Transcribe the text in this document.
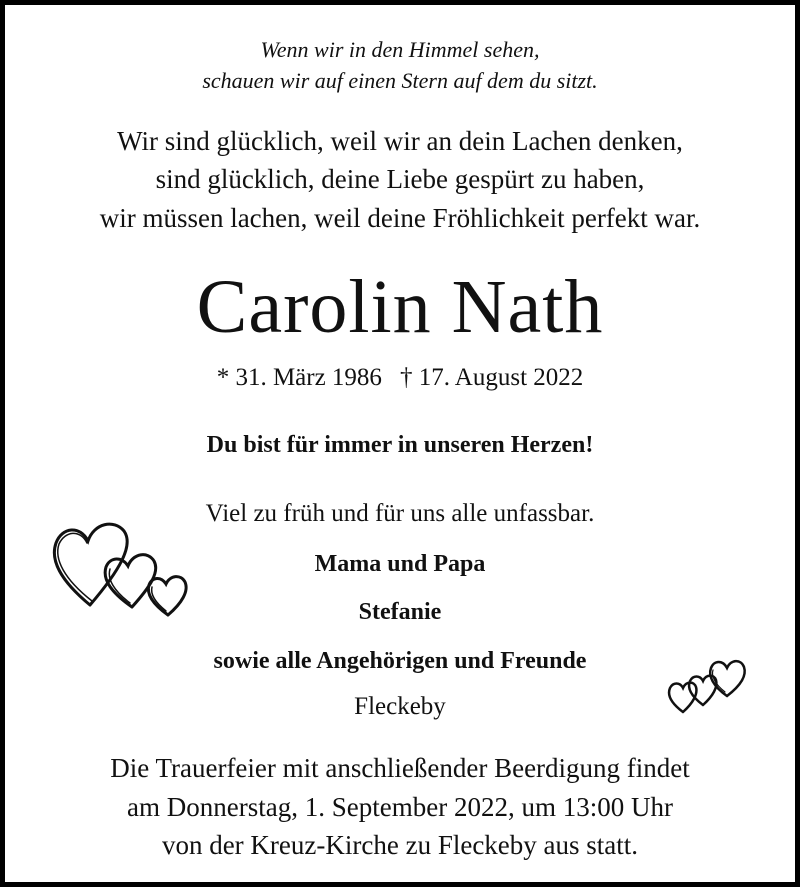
Wenn wir in den Himmel sehen,
schauen wir auf einen Stern auf dem du sitzt.
Wir sind glücklich, weil wir an dein Lachen denken,
sind glücklich, deine Liebe gespürt zu haben,
wir müssen lachen, weil deine Fröhlichkeit perfekt war.
Carolin Nath
* 31. März 1986 † 17. August 2022
Du bist für immer in unseren Herzen!
Viel zu früh und für uns alle unfassbar.
Mama und Papa
Stefanie
sowie alle Angehörigen und Freunde
Fleckeby
Die Trauerfeier mit anschließender Beerdigung findet
am Donnerstag, 1. September 2022, um 13:00 Uhr
von der Kreuz-Kirche zu Fleckeby aus statt.
